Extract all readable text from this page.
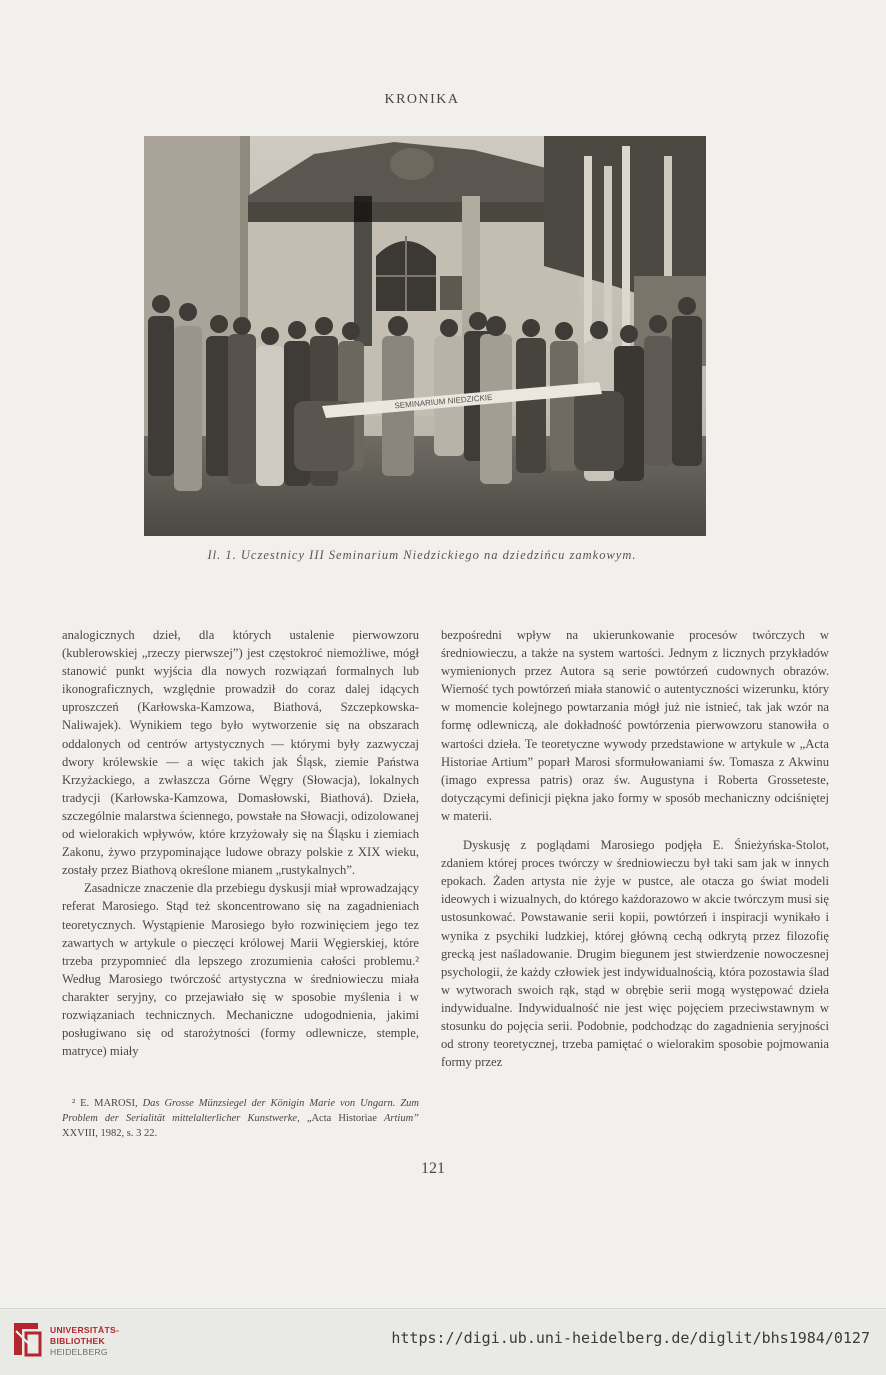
KRONIKA
SEMINARIUM NIEDZICKIE
Il. 1. Uczestnicy III Seminarium Niedzickiego na dziedzińcu zamkowym.

analogicznych dzieł, dla których ustalenie pierwowzoru (kublerowskiej „rzeczy pierwszej”) jest częstokroć niemożliwe, mógł stanowić punkt wyjścia dla nowych rozwiązań formalnych lub ikonograficznych, względnie prowadził do coraz dalej idących uproszczeń (Karłowska-Kamzowa, Biathová, Szczepkowska-Naliwajek). Wynikiem tego było wytworzenie się na obszarach oddalonych od centrów artystycznych — którymi były zazwyczaj dwory królewskie — a więc takich jak Śląsk, ziemie Państwa Krzyżackiego, a zwłaszcza Górne Węgry (Słowacja), lokalnych tradycji (Karłowska-Kamzowa, Domasłowski, Biathová). Dzieła, szczególnie malarstwa ściennego, powstałe na Słowacji, odizolowanej od wielorakich wpływów, które krzyżowały się na Śląsku i ziemiach Zakonu, żywo przypominające ludowe obrazy polskie z XIX wieku, zostały przez Biathovą określone mianem „rustykalnych”.

Zasadnicze znaczenie dla przebiegu dyskusji miał wprowadzający referat Marosiego. Stąd też skoncentrowano się na zagadnieniach teoretycznych. Wystąpienie Marosiego było rozwinięciem jego tez zawartych w artykule o pieczęci królowej Marii Węgierskiej, które trzeba przypomnieć dla lepszego zrozumienia całości problemu.² Według Marosiego twórczość artystyczna w średniowieczu miała charakter seryjny, co przejawiało się w sposobie myślenia i w rozwiązaniach technicznych. Mechaniczne udogodnienia, jakimi posługiwano się od starożytności (formy odlewnicze, stemple, matryce) miały

bezpośredni wpływ na ukierunkowanie procesów twórczych w średniowieczu, a także na system wartości. Jednym z licznych przykładów wymienionych przez Autora są serie powtórzeń cudownych obrazów. Wierność tych powtórzeń miała stanowić o autentyczności wizerunku, który w momencie kolejnego powtarzania mógł już nie istnieć, tak jak wzór na formę odlewniczą, ale dokładność powtórzenia pierwowzoru stanowiła o wartości dzieła. Te teoretyczne wywody przedstawione w artykule w „Acta Historiae Artium” poparł Marosi sformułowaniami św. Tomasza z Akwinu (imago expressa patris) oraz św. Augustyna i Roberta Grosseteste, dotyczącymi definicji piękna jako formy w sposób mechaniczny odciśniętej w materii.

Dyskusję z poglądami Marosiego podjęła E. Śnieżyńska-Stolot, zdaniem której proces twórczy w średniowieczu był taki sam jak w innych epokach. Żaden artysta nie żyje w pustce, ale otacza go świat modeli ideowych i wizualnych, do którego każdorazowo w akcie twórczym musi się ustosunkować. Powstawanie serii kopii, powtórzeń i inspiracji wynikało i wynika z psychiki ludzkiej, której główną cechą odkrytą przez filozofię grecką jest naśladowanie. Drugim biegunem jest stwierdzenie nowoczesnej psychologii, że każdy człowiek jest indywidualnością, która pozostawia ślad w wytworach swoich rąk, stąd w obrębie serii mogą występować dzieła indywidualne. Indywidualność nie jest więc pojęciem przeciwstawnym w stosunku do pojęcia serii. Podobnie, podchodząc do zagadnienia seryjności od strony teoretycznej, trzeba pamiętać o wielorakim sposobie pojmowania formy przez

² E. MAROSI, Das Grosse Münzsiegel der Königin Marie von Ungarn. Zum Problem der Serialität mittelalterlicher Kunstwerke, „Acta Historiae Artium” XXVIII, 1982, s. 3 22.
121
UNIVERSITÄTS-
BIBLIOTHEK
HEIDELBERG
https://digi.ub.uni-heidelberg.de/diglit/bhs1984/0127
